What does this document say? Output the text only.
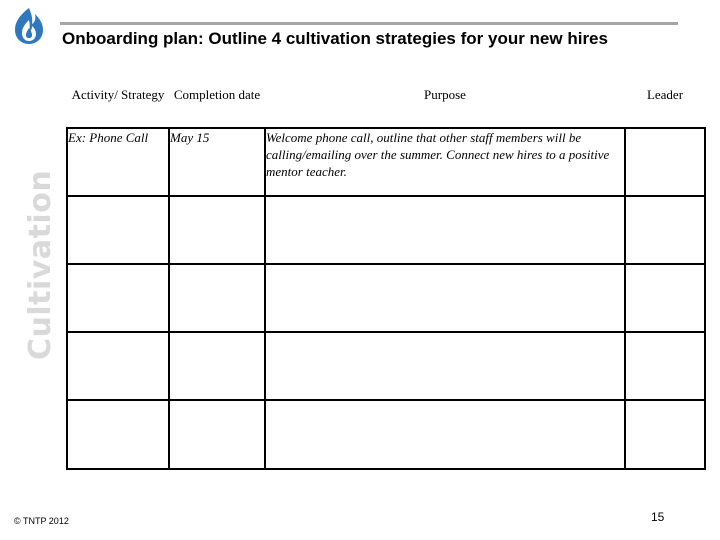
Onboarding plan: Outline 4 cultivation strategies for your new hires
Cultivation
Activity/ Strategy	Completion date	Purpose	Leader
Ex: Phone Call	May 15	Welcome phone call, outline that other staff members will be calling/emailing over the summer. Connect new hires to a positive mentor teacher.	

15
© TNTP 2012
